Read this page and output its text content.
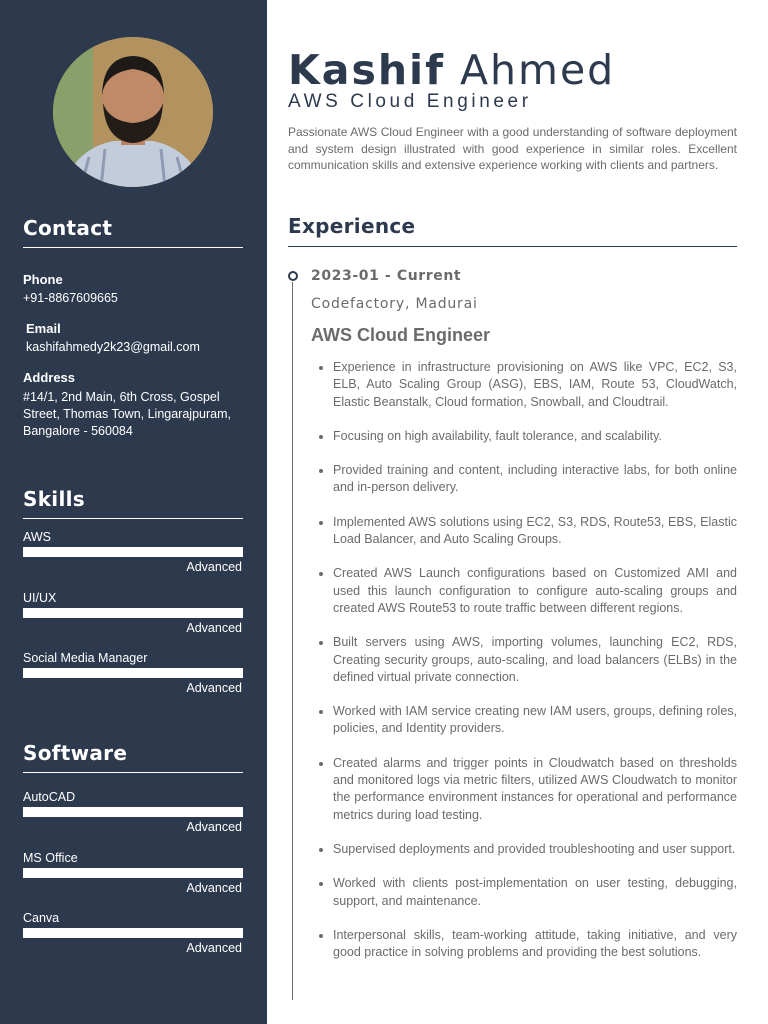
Contact
Phone
+91-8867609665
Email
kashifahmedy2k23@gmail.com
Address
#14/1, 2nd Main, 6th Cross, Gospel Street, Thomas Town, Lingarajpuram, Bangalore - 560084
Skills
AWS
Advanced
UI/UX
Advanced
Social Media Manager
Advanced
Software
AutoCAD
Advanced
MS Office
Advanced
Canva
Advanced
Kashif Ahmed
AWS Cloud Engineer
Passionate AWS Cloud Engineer with a good understanding of software deployment and system design illustrated with good experience in similar roles. Excellent communication skills and extensive experience working with clients and partners.
Experience
2023-01 - Current
Codefactory, Madurai
AWS Cloud Engineer
• Experience in infrastructure provisioning on AWS like VPC, EC2, S3, ELB, Auto Scaling Group (ASG), EBS, IAM, Route 53, CloudWatch, Elastic Beanstalk, Cloud formation, Snowball, and Cloudtrail.
• Focusing on high availability, fault tolerance, and scalability.
• Provided training and content, including interactive labs, for both online and in-person delivery.
• Implemented AWS solutions using EC2, S3, RDS, Route53, EBS, Elastic Load Balancer, and Auto Scaling Groups.
• Created AWS Launch configurations based on Customized AMI and used this launch configuration to configure auto-scaling groups and created AWS Route53 to route traffic between different regions.
• Built servers using AWS, importing volumes, launching EC2, RDS, Creating security groups, auto-scaling, and load balancers (ELBs) in the defined virtual private connection.
• Worked with IAM service creating new IAM users, groups, defining roles, policies, and Identity providers.
• Created alarms and trigger points in Cloudwatch based on thresholds and monitored logs via metric filters, utilized AWS Cloudwatch to monitor the performance environment instances for operational and performance metrics during load testing.
• Supervised deployments and provided troubleshooting and user support.
• Worked with clients post-implementation on user testing, debugging, support, and maintenance.
• Interpersonal skills, team-working attitude, taking initiative, and very good practice in solving problems and providing the best solutions.
